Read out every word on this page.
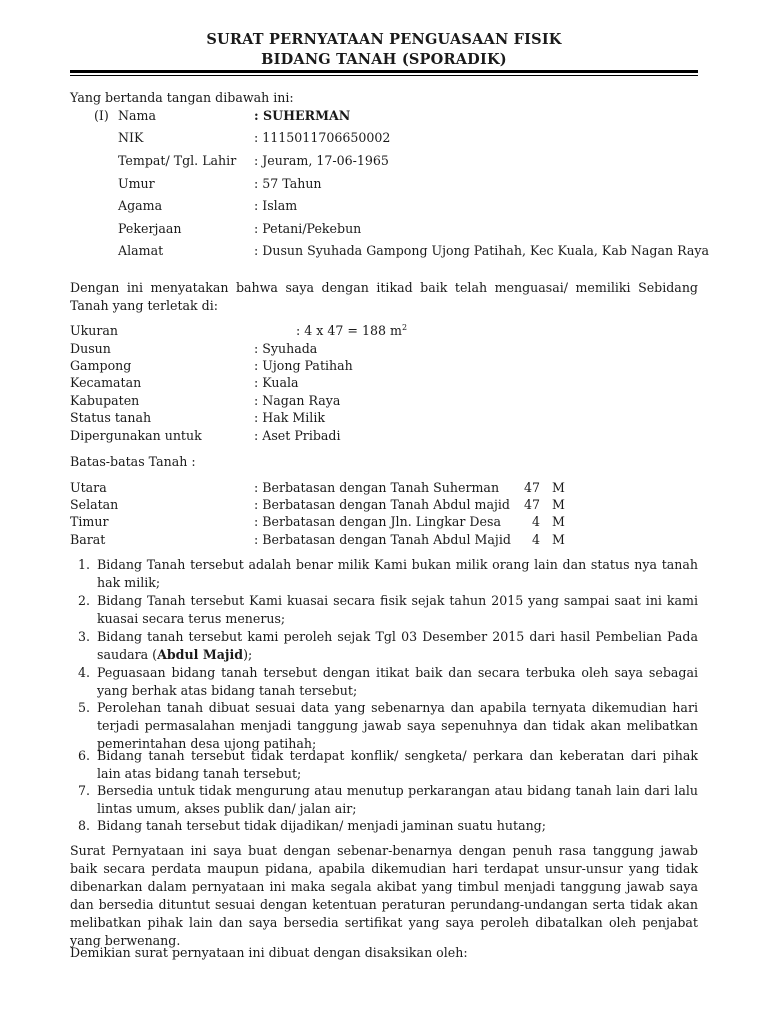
SURAT PERNYATAAN PENGUASAAN FISIK
BIDANG TANAH (SPORADIK)
Yang bertanda tangan dibawah ini:
(I) Nama	: SUHERMAN
NIK	: 1115011706650002
Tempat/ Tgl. Lahir : Jeuram, 17-06-1965
Umur	: 57 Tahun
Agama	: Islam
Pekerjaan	: Petani/Pekebun
Alamat	: Dusun Syuhada Gampong Ujong Patihah, Kec Kuala, Kab Nagan Raya
Dengan ini menyatakan bahwa saya dengan itikad baik telah menguasai/ memiliki Sebidang Tanah yang terletak di:
Ukuran	: 4 x 47 = 188 $m^2$
Dusun	: Syuhada
Gampong	: Ujong Patihah
Kecamatan	: Kuala
Kabupaten	: Nagan Raya
Status tanah	: Hak Milik
Dipergunakan untuk	: Aset Pribadi
Batas-batas Tanah :
Utara	: Berbatasan dengan Tanah Suherman	47 M
Selatan	: Berbatasan dengan Tanah Abdul majid	47 M
Timur	: Berbatasan dengan Jln. Lingkar Desa	4 M
Barat	: Berbatasan dengan Tanah Abdul Majid	4 M
1. Bidang Tanah tersebut adalah benar milik Kami bukan milik orang lain dan status nya tanah hak milik;
2. Bidang Tanah tersebut Kami kuasai secara fisik sejak tahun 2015 yang sampai saat ini kami kuasai secara terus menerus;
3. Bidang tanah tersebut kami peroleh sejak Tgl 03 Desember 2015 dari hasil Pembelian Pada saudara (Abdul Majid);
4. Peguasaan bidang tanah tersebut dengan itikat baik dan secara terbuka oleh saya sebagai yang berhak atas bidang tanah tersebut;
5. Perolehan tanah dibuat sesuai data yang sebenarnya dan apabila ternyata dikemudian hari terjadi permasalahan menjadi tanggung jawab saya sepenuhnya dan tidak akan melibatkan pemerintahan desa ujong patihah;
6. Bidang tanah tersebut tidak terdapat konflik/ sengketa/ perkara dan keberatan dari pihak lain atas bidang tanah tersebut;
7. Bersedia untuk tidak mengurung atau menutup perkarangan atau bidang tanah lain dari lalu lintas umum, akses publik dan/ jalan air;
8. Bidang tanah tersebut tidak dijadikan/ menjadi jaminan suatu hutang;
Surat Pernyataan ini saya buat dengan sebenar-benarnya dengan penuh rasa tanggung jawab baik secara perdata maupun pidana, apabila dikemudian hari terdapat unsur-unsur yang tidak dibenarkan dalam pernyataan ini maka segala akibat yang timbul menjadi tanggung jawab saya dan bersedia dituntut sesuai dengan ketentuan peraturan perundang-undangan serta tidak akan melibatkan pihak lain dan saya bersedia sertifikat yang saya peroleh dibatalkan oleh penjabat yang berwenang.
Demikian surat pernyataan ini dibuat dengan disaksikan oleh:
